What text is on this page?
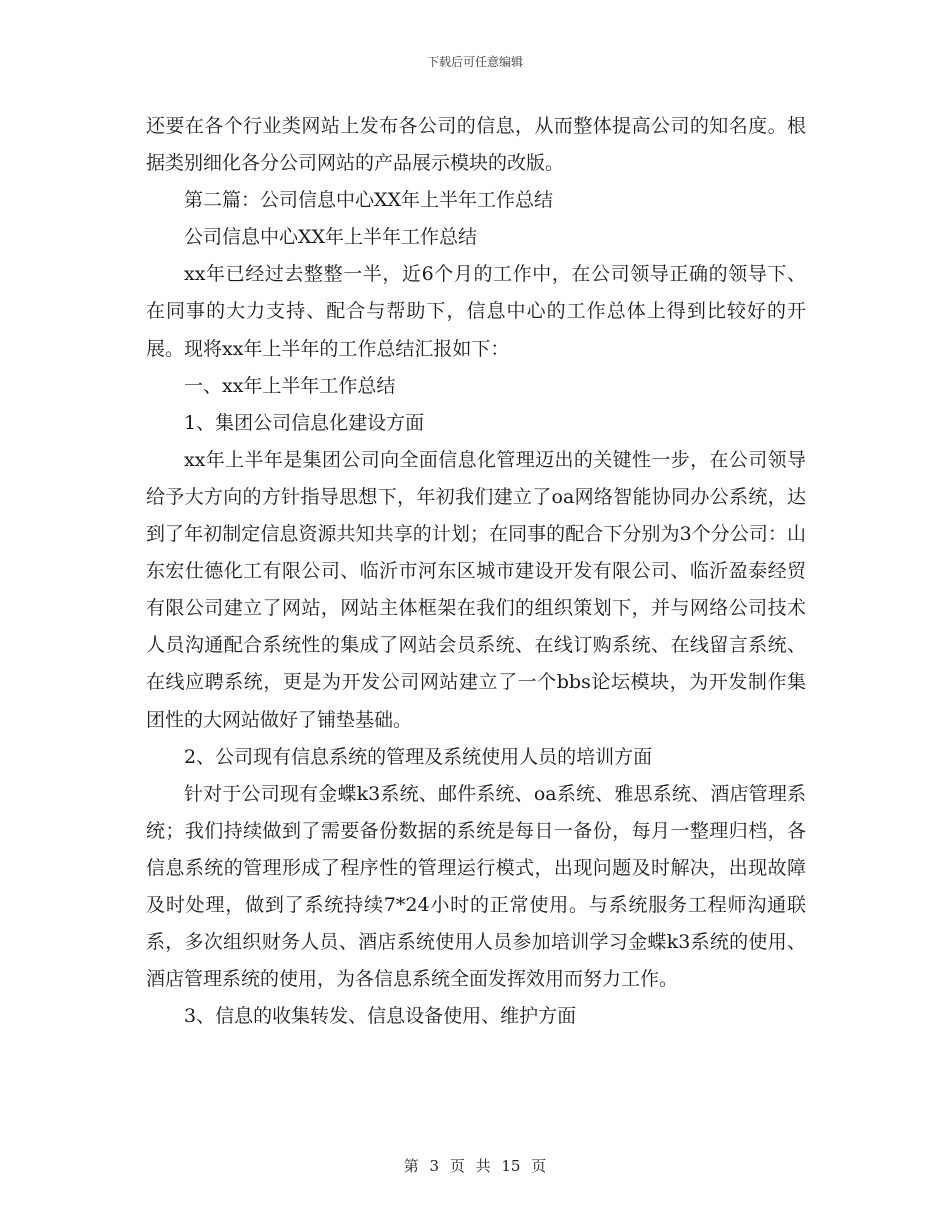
下载后可任意编辑

还要在各个行业类网站上发布各公司的信息，从而整体提高公司的知名度。根据类别细化各分公司网站的产品展示模块的改版。

第二篇：公司信息中心XX年上半年工作总结

公司信息中心XX年上半年工作总结

xx年已经过去整整一半，近6个月的工作中，在公司领导正确的领导下、在同事的大力支持、配合与帮助下，信息中心的工作总体上得到比较好的开展。现将xx年上半年的工作总结汇报如下：

一、xx年上半年工作总结

1、集团公司信息化建设方面

xx年上半年是集团公司向全面信息化管理迈出的关键性一步，在公司领导给予大方向的方针指导思想下，年初我们建立了oa网络智能协同办公系统，达到了年初制定信息资源共知共享的计划；在同事的配合下分别为3个分公司：山东宏仕德化工有限公司、临沂市河东区城市建设开发有限公司、临沂盈泰经贸有限公司建立了网站，网站主体框架在我们的组织策划下，并与网络公司技术人员沟通配合系统性的集成了网站会员系统、在线订购系统、在线留言系统、在线应聘系统，更是为开发公司网站建立了一个bbs论坛模块，为开发制作集团性的大网站做好了铺垫基础。

2、公司现有信息系统的管理及系统使用人员的培训方面

针对于公司现有金蝶k3系统、邮件系统、oa系统、雅思系统、酒店管理系统；我们持续做到了需要备份数据的系统是每日一备份，每月一整理归档，各信息系统的管理形成了程序性的管理运行模式，出现问题及时解决，出现故障及时处理，做到了系统持续7*24小时的正常使用。与系统服务工程师沟通联系，多次组织财务人员、酒店系统使用人员参加培训学习金蝶k3系统的使用、酒店管理系统的使用，为各信息系统全面发挥效用而努力工作。

3、信息的收集转发、信息设备使用、维护方面

第 3 页 共 15 页
